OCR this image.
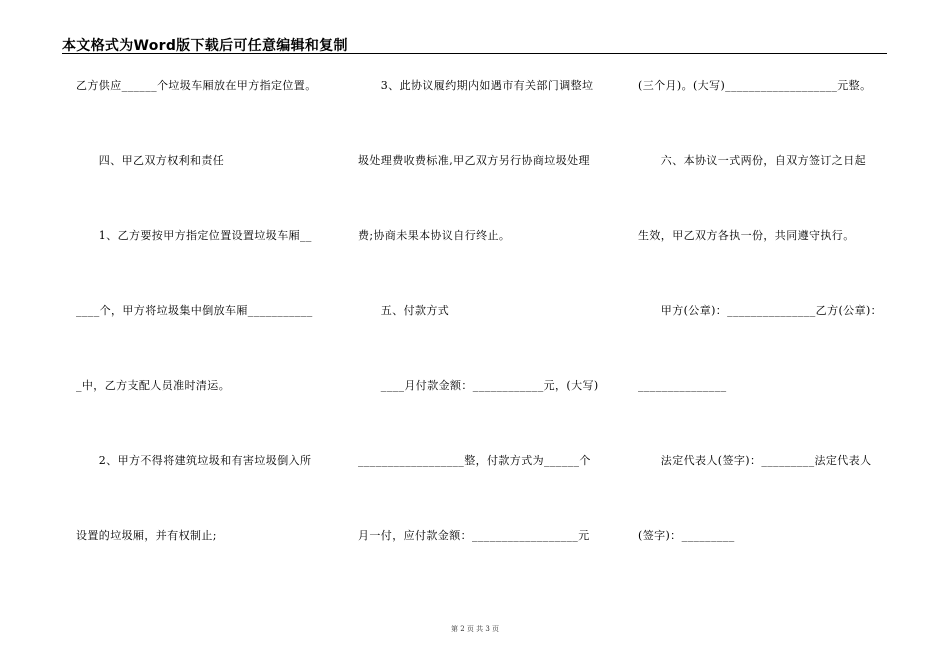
本文格式为Word版下载后可任意编辑和复制
乙方供应______个垃圾车厢放在甲方指定位置。
　　四、甲乙双方权利和责任
　　1、乙方要按甲方指定位置设置垃圾车厢__
____个，甲方将垃圾集中倒放车厢___________
_中，乙方支配人员准时清运。
　　2、甲方不得将建筑垃圾和有害垃圾倒入所
设置的垃圾厢，并有权制止;
　　3、此协议履约期内如遇市有关部门调整垃
圾处理费收费标准,甲乙双方另行协商垃圾处理
费;协商未果本协议自行终止。
　　五、付款方式
　　____月付款金额：____________元，(大写)
__________________整，付款方式为______个
月一付，应付款金额：__________________元
(三个月)。(大写)___________________元整。
　　六、本协议一式两份，自双方签订之日起
生效，甲乙双方各执一份，共同遵守执行。
　　甲方(公章)：_______________乙方(公章)：
_______________
　　法定代表人(签字)：_________法定代表人
(签字)：_________
第 2 页 共 3 页
